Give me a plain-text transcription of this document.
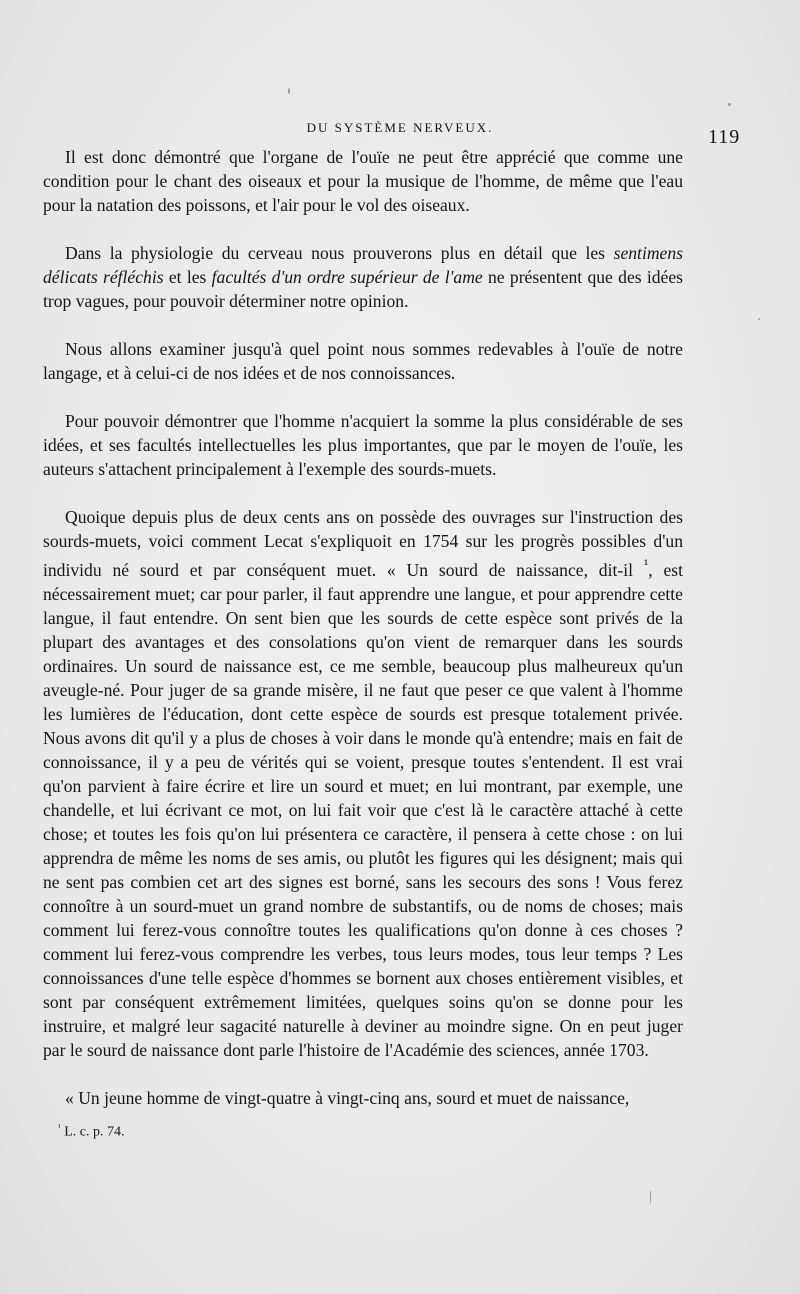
DU SYSTÈME NERVEUX.	119

Il est donc démontré que l'organe de l'ouïe ne peut être apprécié que comme une condition pour le chant des oiseaux et pour la musique de l'homme, de même que l'eau pour la natation des poissons, et l'air pour le vol des oiseaux.

Dans la physiologie du cerveau nous prouverons plus en détail que les sentimens délicats réfléchis et les facultés d'un ordre supérieur de l'ame ne présentent que des idées trop vagues, pour pouvoir déterminer notre opinion.

Nous allons examiner jusqu'à quel point nous sommes redevables à l'ouïe de notre langage, et à celui-ci de nos idées et de nos connoissances.

Pour pouvoir démontrer que l'homme n'acquiert la somme la plus considérable de ses idées, et ses facultés intellectuelles les plus importantes, que par le moyen de l'ouïe, les auteurs s'attachent principalement à l'exemple des sourds-muets.

Quoique depuis plus de deux cents ans on possède des ouvrages sur l'instruction des sourds-muets, voici comment Lecat s'expliquoit en 1754 sur les progrès possibles d'un individu né sourd et par conséquent muet. « Un sourd de naissance, dit-il $^{^1}$, est nécessairement muet; car pour parler, il faut apprendre une langue, et pour apprendre cette langue, il faut entendre. On sent bien que les sourds de cette espèce sont privés de la plupart des avantages et des consolations qu'on vient de remarquer dans les sourds ordinaires. Un sourd de naissance est, ce me semble, beaucoup plus malheureux qu'un aveugle-né. Pour juger de sa grande misère, il ne faut que peser ce que valent à l'homme les lumières de l'éducation, dont cette espèce de sourds est presque totalement privée. Nous avons dit qu'il y a plus de choses à voir dans le monde qu'à entendre; mais en fait de connoissance, il y a peu de vérités qui se voient, presque toutes s'entendent. Il est vrai qu'on parvient à faire écrire et lire un sourd et muet; en lui montrant, par exemple, une chandelle, et lui écrivant ce mot, on lui fait voir que c'est là le caractère attaché à cette chose; et toutes les fois qu'on lui présentera ce caractère, il pensera à cette chose : on lui apprendra de même les noms de ses amis, ou plutôt les figures qui les désignent; mais qui ne sent pas combien cet art des signes est borné, sans les secours des sons ! Vous ferez connoître à un sourd-muet un grand nombre de substantifs, ou de noms de choses; mais comment lui ferez-vous connoître toutes les qualifications qu'on donne à ces choses ? comment lui ferez-vous comprendre les verbes, tous leurs modes, tous leur temps ? Les connoissances d'une telle espèce d'hommes se bornent aux choses entièrement visibles, et sont par conséquent extrêmement limitées, quelques soins qu'on se donne pour les instruire, et malgré leur sagacité naturelle à deviner au moindre signe. On en peut juger par le sourd de naissance dont parle l'histoire de l'Académie des sciences, année 1703.

« Un jeune homme de vingt-quatre à vingt-cinq ans, sourd et muet de naissance,

$^{^1}$ L. c. p. 74.
